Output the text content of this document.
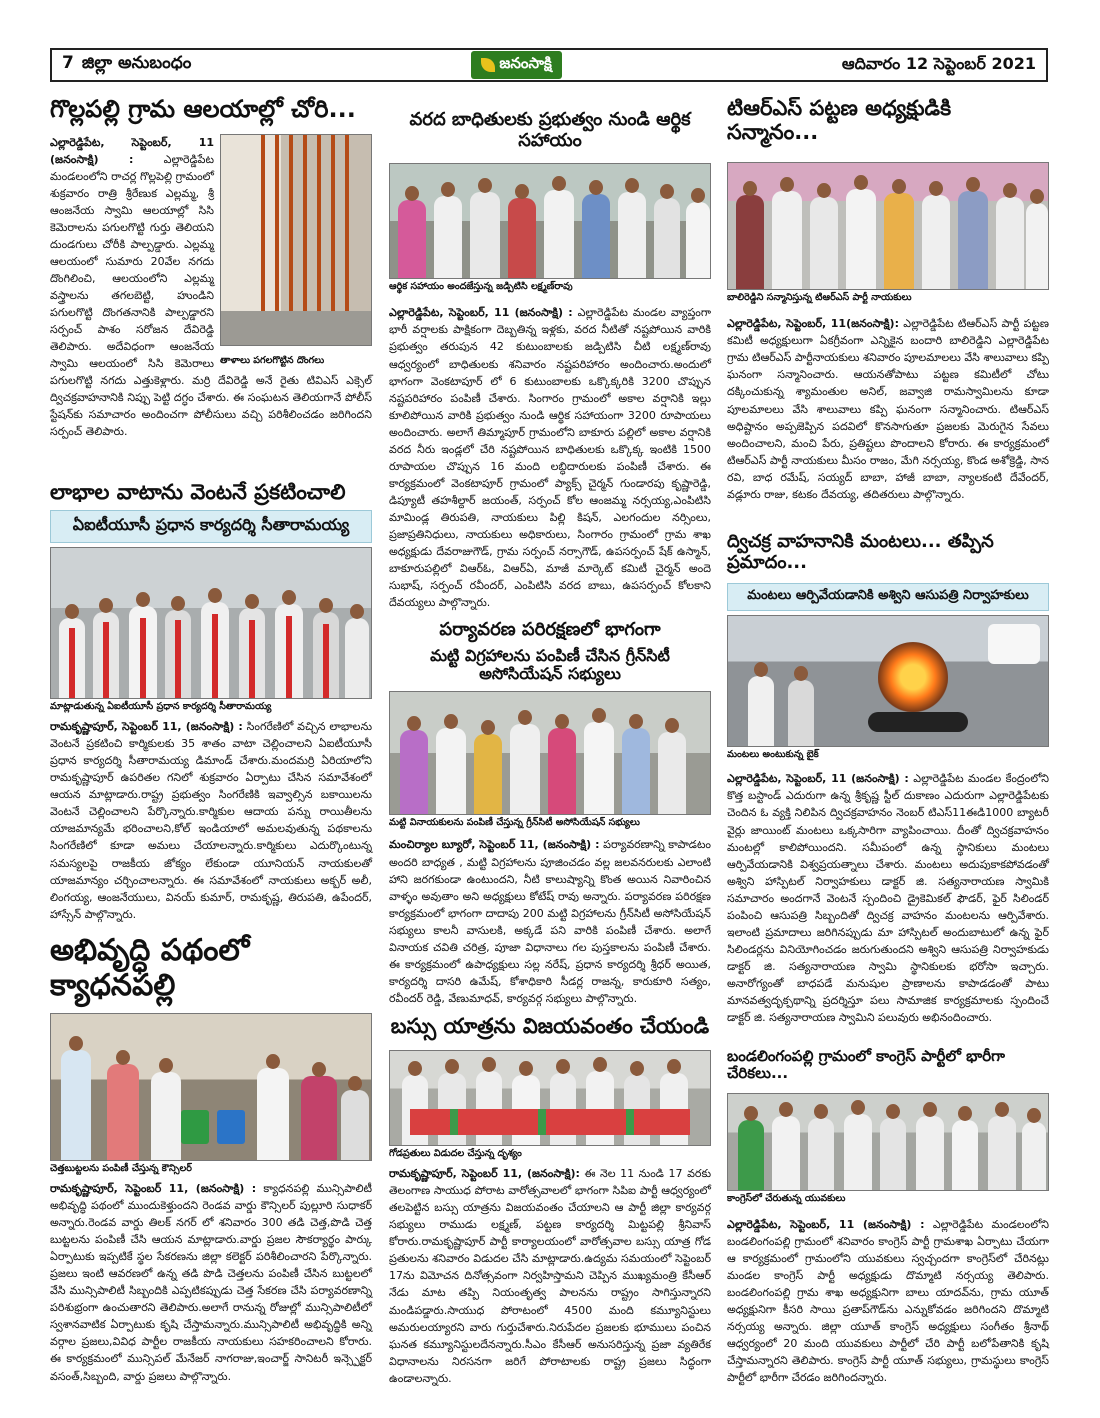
7 జిల్లా అనుబంధం	జనంసాక్షి	ఆదివారం 12 సెప్టెంబర్ 2021
గొల్లపల్లి గ్రామ ఆలయాల్లో చోరి...
తాళాలు పగలగొట్టిన దొంగలు
ఎల్లారెడ్డిపేట, సెప్టెంబర్, 11 (జనంసాక్షి) :	ఎల్లారెడ్డిపేట మండలంలోని రాచర్ల గొల్లపెల్లి గ్రామంలో శుక్రవారం రాత్రి శ్రీరేణుక ఎల్లమ్మ, శ్రీ ఆంజనేయ స్వామి ఆలయాల్లో సిసి కెమెరాలను పగులగొట్టి గుర్తు తెలియని దుండగులు చోరీకి పాల్పడ్డారు. ఎల్లమ్మ ఆలయంలో సుమారు 20వేల నగదు దొంగిలించి, ఆలయంలోని ఎల్లమ్మ వస్త్రాలను తగలబెట్టి, హుండిని పగులగొట్టి దొంగతనానికి పాల్పడ్డారని సర్పంచ్ పాశం సరోజన దేవిరెడ్డి తెలిపారు. అదేవిధంగా ఆంజనేయ స్వామి ఆలయంలో సిసి కెమెరాలు పగులగొట్టి నగదు ఎత్తుకెళ్లారు. మర్రి దేవిరెడ్డి అనే రైతు టివిఎస్ ఎక్సెల్ ద్విచక్రవాహనానికి నిప్పు పెట్టి దగ్ధం చేశారు. ఈ సంఘటన తెలియగానే పోలీస్ స్టేషన్‌కు సమాచారం అందించగా పోలీసులు వచ్చి పరిశీలించడం జరిగిందని సర్పంచ్ తెలిపారు.
లాభాల వాటాను వెంటనే ప్రకటించాలి
ఏఐటీయూసీ ప్రధాన కార్యదర్శి సీతారామయ్య
మాట్లాడుతున్న ఏఐటీయూసీ ప్రధాన కార్యదర్శి సీతారామయ్య
రామకృష్ణాపూర్, సెప్టెంబర్ 11, (జనంసాక్షి) : సింగరేణిలో వచ్చిన లాభాలను వెంటనే ప్రకటించి కార్మికులకు 35 శాతం వాటా చెల్లించాలని ఏఐటీయూసీ ప్రధాన కార్యదర్శి సీతారామయ్య డిమాండ్ చేశారు.మందమర్రి ఏరియాలోని రామకృష్ణాపూర్ ఉపరితల గనిలో శుక్రవారం ఏర్పాటు చేసిన సమావేశంలో ఆయన మాట్లాడారు.రాష్ట్ర ప్రభుత్వం సింగరేణికి ఇవ్వాల్సిన బకాయిలను వెంటనే చెల్లించాలని పేర్కొన్నారు.కార్మికుల ఆదాయ పన్ను రాయితీలను యాజమాన్యమే భరించాలని,కోల్ ఇండియాలో అమలవుతున్న పథకాలను సింగరేణిలో కూడా అమలు చేయాలన్నారు.కార్మికులు ఎదుర్కొంటున్న సమస్యలపై రాజకీయ జోక్యం లేకుండా యూనియన్ నాయకులతో యాజమాన్యం చర్చించాలన్నారు. ఈ సమావేశంలో నాయకులు అక్బర్ అలీ, లింగయ్య, ఆంజనేయులు, వినయ్ కుమార్, రామకృష్ణ, తిరుపతి, ఉపేందర్, హాస్సేన్ పాల్గొన్నారు.
అభివృద్ధి పథంలో క్యాధనపల్లి
చెత్తబుట్టలను పంపిణీ చేస్తున్న కౌన్సిలర్
రామకృష్ణాపూర్, సెప్టెంబర్ 11, (జనంసాక్షి) : క్యాధనపల్లి మున్సిపాలిటీ అభివృద్ధి పథంలో ముందుకెళ్తుందని రెండవ వార్డు కౌన్సిలర్ పుల్లూరి సుధాకర్ అన్నారు.రెండవ వార్డు తిలక్ నగర్ లో శనివారం 300 తడి చెత్త,పొడి చెత్త బుట్టలను పంపిణీ చేసి ఆయన మాట్లాడారు.వార్డు ప్రజల సౌకర్యార్థం పార్కు ఏర్పాటుకు ఇప్పటికే స్థల సేకరణను జిల్లా కలెక్టర్ పరిశీలించారని పేర్కొన్నారు. ప్రజలు ఇంటి ఆవరణలో ఉన్న తడి పొడి చెత్తలను పంపిణీ చేసిన బుట్టలలో వేసి మున్సిపాలిటీ సిబ్బందికి ఎప్పటికప్పుడు చెత్త సేకరణ చేసి పర్యావరణాన్ని పరిశుభ్రంగా ఉంచుతారని తెలిపారు.అలాగే రానున్న రోజుల్లో మున్సిపాలిటీలో స్వశానవాటిక ఏర్పాటుకు కృషి చేస్తామన్నారు.మున్సిపాలిటీ అభివృద్ధికి అన్ని వర్గాల ప్రజలు,వివిధ పార్టీల రాజకీయ నాయకులు సహకరించాలని కోరారు. ఈ కార్యక్రమంలో మున్సిపల్ మేనేజర్ నాగరాజు,ఇంచార్జ్ సానిటరీ ఇన్స్పెక్టర్ వసంత్,సిబ్బంది, వార్డు ప్రజలు పాల్గొన్నారు.
వరద బాధితులకు ప్రభుత్వం నుండి ఆర్థిక సహాయం
ఆర్థిక సహాయం అందజేస్తున్న జడ్పిటిసి లక్ష్మణ్‌రావు
ఎల్లారెడ్డిపేట, సెప్టెంబర్, 11 (జనంసాక్షి) : ఎల్లారెడ్డిపేట మండల వ్యాప్తంగా భారీ వర్షాలకు పాక్షికంగా దెబ్బతిన్న ఇళ్లకు, వరద నీటితో నష్టపోయిన వారికి ప్రభుత్వం తరుపున 42 కుటుంబాలకు జడ్పిటిసి చీటి లక్ష్మణ్‌రావు ఆధ్వర్యంలో బాధితులకు శనివారం నష్టపరిహారం అందించారు.అందులో భాగంగా వెంకటాపూర్ లో 6 కుటుంబాలకు ఒక్కొక్కరికి 3200 చొప్పున నష్టపరిహారం పంపిణీ చేశారు. సింగారం గ్రామంలో అకాల వర్షానికి ఇల్లు కూలిపోయిన వారికి ప్రభుత్వం నుండి ఆర్థిక సహాయంగా 3200 రూపాయలు అందించారు. అలాగే తిమ్మాపూర్ గ్రామంలోని బాకూరు పల్లిలో అకాల వర్షానికి వరద నీరు ఇండ్లలో చేరి నష్టపోయిన బాధితులకు ఒక్కొక్క ఇంటికి 1500 రూపాయల చొప్పున 16 మంది లబ్ధిదారులకు పంపిణీ చేశారు. ఈ కార్యక్రమంలో వెంకటాపూర్ గ్రామంలో ప్యాక్స్ చైర్మన్ గుండారపు కృష్ణారెడ్డి, డిప్యూటీ తహశీల్దార్ జయంత్, సర్పంచ్ కోల ఆంజమ్మ నర్సయ్య,ఎంపిటిసి మామిండ్ల తిరుపతి, నాయకులు పిల్లి కిషన్, ఎలగందుల నర్సింలు, ప్రజాప్రతినిధులు, నాయకులు అధికారులు, సింగారం గ్రామంలో గ్రామ శాఖ అధ్యక్షుడు దేవరాజుగౌడ్, గ్రామ సర్పంచ్ నర్సాగౌడ్, ఉపసర్పంచ్ షేక్ ఉస్మాన్, బాకూరుపల్లిలో విఆర్ఓ, విఆర్ఏ, మాజీ మార్కెట్ కమిటీ చైర్మన్ అందె సుభాష్, సర్పంచ్ రవీందర్, ఎంపిటిసి వరద బాబు, ఉపసర్పంచ్ కోలకాని దేవయ్యలు పాల్గొన్నారు.
పర్యావరణ పరిరక్షణలో భాగంగా
మట్టి విగ్రహాలను పంపిణీ చేసిన గ్రీన్‌సిటీ అసోసియేషన్ సభ్యులు
మట్టి వినాయకులను పంపిణీ చేస్తున్న గ్రీన్‌సిటీ అసోసియేషన్ సభ్యులు
మంచిర్యాల బ్యూరో, సెప్టెంబర్ 11, (జనంసాక్షి) : పర్యావరణాన్ని కాపాడటం అందరి బాధ్యత , మట్టి విగ్రహాలను పూజించడం వల్ల జలవనరులకు ఎలాంటి హాని జరగకుండా ఉంటుందని, నీటి కాలుష్యాన్ని కొంత అయిన నివారించిన వాళ్ళం అవుతాం అని అధ్యక్షులు కోటేష్ రావు అన్నారు. పర్యావరణ పరిరక్షణ కార్యక్రమంలో భాగంగా దాదాపు 200 మట్టి విగ్రహాలను గ్రీన్‌సిటీ అసోసియేషన్ సభ్యులు కాలనీ వాసులకి, అక్కడే పని వారికి పంపిణీ చేశారు. అలాగే వినాయక చవితి చరిత్ర, పూజా విధానాలు గల పుస్తకాలను పంపిణీ చేశారు. ఈ కార్యక్రమంలో ఉపాధ్యక్షులు సల్ల నరేష్, ప్రధాన కార్యదర్శి శ్రీధర్ అయిత, కార్యదర్శి దాసరి ఉమేష్, కోశాధికారి సీడర్ల రాజన్న, కారుకూరి సత్యం, రవీందర్ రెడ్డి, వేణుమాధవ్, కార్యవర్గ సభ్యులు పాల్గొన్నారు.
బస్సు యాత్రను విజయవంతం చేయండి
గోడప్రతులు విడుదల చేస్తున్న దృశ్యం
రామకృష్ణాపూర్, సెప్టెంబర్ 11, (జనంసాక్షి): ఈ నెల 11 నుండి 17 వరకు తెలంగాణ సాయుధ పోరాట వారోత్సవాలలో భాగంగా సిపిఐ పార్టీ ఆధ్వర్యంలో తలపెట్టిన బస్సు యాత్రను విజయవంతం చేయాలని ఆ పార్టీ జిల్లా కార్యవర్గ సభ్యులు రాముడు లక్ష్మణ్, పట్టణ కార్యదర్శి మిట్టపల్లి శ్రీనివాస్ కోరారు.రామకృష్ణాపూర్ పార్టీ కార్యాలయంలో వారోత్సవాల బస్సు యాత్ర గోడ ప్రతులను శనివారం విడుదల చేసి మాట్లాడారు.ఉద్యమ సమయంలో సెప్టెంబర్ 17ను విమోచన దినోత్సవంగా నిర్వహిస్తామని చెప్పిన ముఖ్యమంత్రి కేసీఆర్ నేడు మాట తప్పి నియంతృత్వ పాలనను రాష్ట్రం సాగిస్తున్నారని మండిపడ్డారు.సాయుధ పోరాటంలో 4500 మంది కమ్యూనిస్టులు అమరులయ్యారని వారు గుర్తుచేశారు.నిరుపేదల ప్రజలకు భూములు పంచిన ఘనత కమ్యూనిస్టులదేనన్నారు.సీఎం కేసీఆర్ అనుసరిస్తున్న ప్రజా వ్యతిరేక విధానాలను నిరసనగా జరిగే పోరాటాలకు రాష్ట్ర ప్రజలు సిద్ధంగా ఉండాలన్నారు.
టిఆర్ఎస్ పట్టణ అధ్యక్షుడికి సన్మానం...
బాలిరెడ్డిని సన్మానిస్తున్న టిఆర్ఎస్ పార్టీ నాయకులు
ఎల్లారెడ్డిపేట, సెప్టెంబర్, 11(జనంసాక్షి): ఎల్లారెడ్డిపేట టిఆర్ఎస్ పార్టీ పట్టణ కమిటీ అధ్యక్షులుగా ఏకగ్రీవంగా ఎన్నికైన బందారి బాలిరెడ్డిని ఎల్లారెడ్డిపేట గ్రామ టిఆర్ఎస్ పార్టీనాయకులు శనివారం పూలమాలలు వేసి శాలువాలు కప్పి ఘనంగా సన్మానించారు. ఆయనతోపాటు పట్టణ కమిటీలో చోటు దక్కించుకున్న శ్యామంతుల అనిల్, జవ్వాజి రామస్వామిలను కూడా పూలమాలలు వేసి శాలువాలు కప్పి ఘనంగా సన్మానించారు. టిఆర్ఎస్ అధిష్టానం అప్పజెప్పిన పదవిలో కొనసాగుతూ ప్రజలకు మెరుగైన సేవలు అందించాలని, మంచి పేరు, ప్రతిష్టలు పొందాలని కోరారు. ఈ కార్యక్రమంలో టిఆర్ఎస్ పార్టీ నాయకులు మీసం రాజం, మేగి నర్సయ్య, కొండ అశోక్రెడ్డి, సాన రవి, బాధ రమేష్, సయ్యద్ బాబా, హాజీ బాబా, న్యాలకంటి దేవేందర్, వడ్లూరు రాజు, కటకం దేవయ్య, తదితరులు పాల్గొన్నారు.
ద్విచక్ర వాహనానికి మంటలు... తప్పిన ప్రమాదం...
మంటలు ఆర్పివేయడానికి అశ్విని ఆసుపత్రి నిర్వాహకులు
మంటలు అంటుకున్న బైక్
ఎల్లారెడ్డిపేట, సెప్టెంబర్, 11 (జనంసాక్షి) : ఎల్లారెడ్డిపేట మండల కేంద్రంలోని కొత్త బస్టాండ్ ఎదురుగా ఉన్న శ్రీకృష్ణ స్టీల్ దుకాణం ఎదురుగా ఎల్లారెడ్డిపేటకు చెందిన ఓ వ్యక్తి నిలిపిన ద్విచక్రవాహనం నెంబర్ టిఎస్11ఈడి1000 బ్యాటరీ వైర్లు జాయింట్ మంటలు ఒక్కసారిగా వ్యాపించాయి. దీంతో ద్విచక్రవాహనం మంటల్లో కాలిపోయిందని. సమీపంలో ఉన్న స్థానికులు మంటలు ఆర్పివేయడానికి విశ్వప్రయత్నాలు చేశారు. మంటలు అదుపుకాకపోవడంతో అశ్విని హాస్పిటల్ నిర్వాహకులు డాక్టర్ జి. సత్యనారాయణ స్వామికి సమాచారం అందగానే వెంటనే స్పందించి డ్రైకెమికల్ ఫౌడర్, ఫైర్ సిలిండర్ పంపించి ఆసుపత్రి సిబ్బందితో ద్విచక్ర వాహనం మంటలను ఆర్పివేశారు. ఇలాంటి ప్రమాదాలు జరిగినప్పుడు మా హాస్పిటల్ అందుబాటులో ఉన్న ఫైర్ సిలిండర్లను వినియోగించడం జరుగుతుందని అశ్విని ఆసుపత్రి నిర్వాహకుడు డాక్టర్ జి. సత్యనారాయణ స్వామి స్థానికులకు భరోసా ఇచ్చారు. అనారోగ్యంతో బాధపడే మనుషుల ప్రాణాలను కాపాడడంతో పాటు మానవత్వదృక్పథాన్ని ప్రదర్శిస్తూ పలు సామాజిక కార్యక్రమాలకు స్పందించే డాక్టర్ జి. సత్యనారాయణ స్వామిని పలువురు అభినందించారు.
బండలింగంపల్లి గ్రామంలో కాంగ్రెస్ పార్టీలో భారీగా చేరికలు...
కాంగ్రెస్‌లో చేరుతున్న యువకులు
ఎల్లారెడ్డిపేట, సెప్టెంబర్, 11 (జనంసాక్షి) : ఎల్లారెడ్డిపేట మండలంలోని బండలింగంపల్లి గ్రామంలో శనివారం కాంగ్రెస్ పార్టీ గ్రామశాఖ ఏర్పాటు చేయగా ఆ కార్యక్రమంలో గ్రామంలోని యువకులు స్వచ్చందగా కాంగ్రెస్‌లో చేరినట్లు మండల కాంగ్రెస్ పార్టీ అధ్యక్షుడు దొమ్మాటి నర్సయ్య తెలిపారు. బండలింగంపల్లి గ్రామ శాఖ అధ్యక్షునిగా బాలు యాదవ్‌ను, గ్రామ యూత్ అధ్యక్షునిగా కీసరి సాయి ప్రతాప్‌గౌడ్‌ను ఎన్నుకోవడం జరిగిందని దొమ్మాటి నర్సయ్య అన్నారు. జిల్లా యూత్ కాంగ్రెస్ అధ్యక్షులు సంగీతం శ్రీనాథ్ ఆధ్వర్యంలో 20 మంది యువకులు పార్టీలో చేరి పార్టీ బలోపేతానికి కృషి చేస్తామన్నారని తెలిపారు. కాంగ్రెస్ పార్టీ యూత్ సభ్యులు, గ్రామస్థులు కాంగ్రెస్ పార్టీలో భారీగా చేరడం జరిగిందన్నారు.
